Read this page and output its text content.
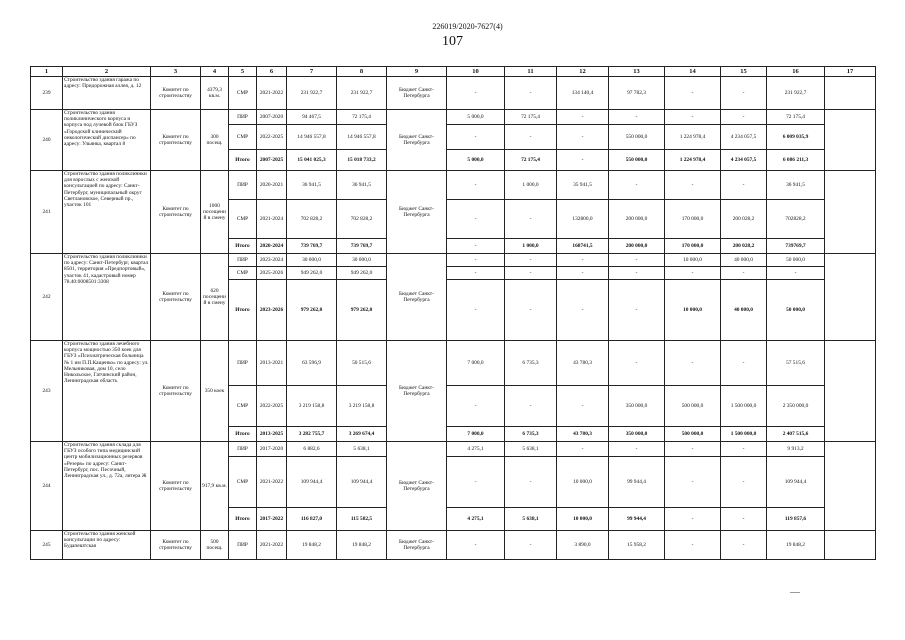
226019/2020-7627(4)
107
1	2	3	4	5	6	7	8	9	10	11	12	13	14	15	16	17
239	Строительство здания гаража по адресу: Придорожная аллея, д. 12	Комитет по строительству	4379,3 кв.м.	СМР	2021-2022	231 922,7	231 922,7	Бюджет Санкт-Петербурга	-	-	134 140,4	97 782,3	-	-	231 922,7	
240	Строительство здания поликлинического корпуса и корпуса под лучевой блок ГБУЗ «Городской клинический онкологический диспансер» по адресу: Ульянка, квартал 8	Комитет по строительству	300 посещ.	ПИР	2007-2020	94 467,5	72 175,4	Бюджет Санкт-Петербурга	5 000,0	72 175,4	-	-	-	-	72 175,4	
				СМР	2022-2025	14 946 557,8	14 946 557,8		-	-	-	550 000,0	1 224 978,4	4 234 057,5	6 009 035,9	
				Итого	2007-2025	15 041 025,3	15 018 733,2		5 000,0	72 175,4	-	550 000,0	1 224 978,4	4 234 057,5	6 086 211,3	
241	Строительство здания поликлиники для взрослых с женской консультацией по адресу: Санкт-Петербург, муниципальный округ Светлановское, Северный пр., участок 101	Комитет по строительству	1000 посещений в смену	ПИР	2020-2021	36 941,5	36 941,5	Бюджет Санкт-Петербурга	-	1 000,0	35 941,5	-	-	-	36 941,5	
				СМР	2021-2024	702 828,2	702 828,2		-	-	132800,0	200 000,0	170 000,0	200 028,2	702828,2	
				Итого	2020-2024	739 769,7	739 769,7		-	1 000,0	168741,5	200 000,0	170 000,0	200 028,2	739769,7	
242	Строительство здания поликлиники по адресу: Санкт-Петербург, квартал 8501, территория «Предпортовый», участок 41, кадастровый номер 78.40:0008501:3308	Комитет по строительству	620 посещений в смену	ПИР	2023-2024	30 000,0	30 000,0	Бюджет Санкт-Петербурга	-	-	-	-	10 000,0	40 000,0	50 000,0	
				СМР	2025-2026	949 262,0	949 262,0		-	-	-	-	-	-	-	
				Итого	2023-2026	979 262,0	979 262,0		-	-	-	-	10 000,0	40 000,0	50 000,0	
243	Строительство здания лечебного корпуса мощностью 350 коек для ГБУЗ «Психиатрическая больница № 1 им П.П.Кащенко» по адресу: ул. Мельниковая, дом 10, село Никольское, Гатчинский район, Ленинградская область	Комитет по строительству	350 коек	ПИР	2013-2021	63 596,9	50 515,6	Бюджет Санкт-Петербурга	7 000,0	6 735,3	43 780,3	-	-	-	57 515,6	
				СМР	2022-2025	3 219 158,8	3 219 158,8		-	-	-	350 000,0	500 000,0	1 500 000,0	2 350 000,0	
				Итого	2013-2025	3 282 755,7	3 269 674,4		7 000,0	6 735,3	43 780,3	350 000,0	500 000,0	1 500 000,0	2 407 515,6	
244	Строительство здания склада для ГБУЗ особого типа медицинский центр мобилизационных резервов «Резерв» по адресу: Санкт-Петербург, пос. Песочный, Ленинградская ул., д. 72а, литера Ж	Комитет по строительству	917,9 кв.м.	ПИР	2017-2020	6 882,6	5 638,1	Бюджет Санкт-Петербурга	4 275,1	5 638,1	-	-	-	-	9 913,2	
				СМР	2021-2022	109 944,4	109 944,4		-	-	10 000,0	99 944,4	-	-	109 944,4	
				Итого	2017-2022	116 827,0	115 582,5		4 275,1	5 638,1	10 000,0	99 944,4	-	-	119 857,6	
245	Строительство здания женской консультации по адресу: Будапештская	Комитет по строительству	500 посещ.	ПИР	2021-2022	19 848,2	19 848,2	Бюджет Санкт-Петербурга	-	-	3 890,0	15 958,2	-	-	19 848,2	
